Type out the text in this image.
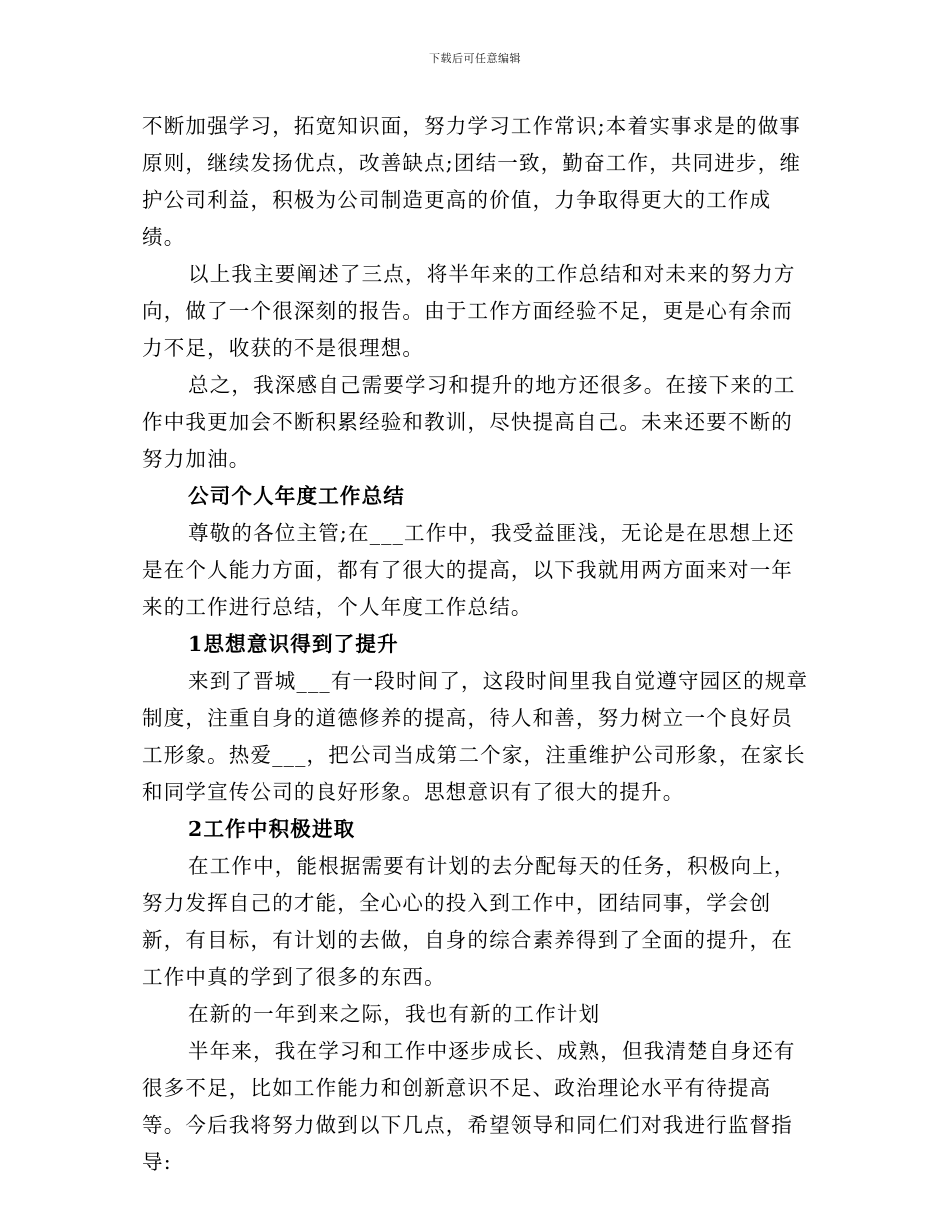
下载后可任意编辑

不断加强学习，拓宽知识面，努力学习工作常识;本着实事求是的做事原则，继续发扬优点，改善缺点;团结一致，勤奋工作，共同进步，维护公司利益，积极为公司制造更高的价值，力争取得更大的工作成绩。

以上我主要阐述了三点，将半年来的工作总结和对未来的努力方向，做了一个很深刻的报告。由于工作方面经验不足，更是心有余而力不足，收获的不是很理想。

总之，我深感自己需要学习和提升的地方还很多。在接下来的工作中我更加会不断积累经验和教训，尽快提高自己。未来还要不断的努力加油。

公司个人年度工作总结

尊敬的各位主管;在___工作中，我受益匪浅，无论是在思想上还是在个人能力方面，都有了很大的提高，以下我就用两方面来对一年来的工作进行总结，个人年度工作总结。

1思想意识得到了提升

来到了晋城___有一段时间了，这段时间里我自觉遵守园区的规章制度，注重自身的道德修养的提高，待人和善，努力树立一个良好员工形象。热爱___，把公司当成第二个家，注重维护公司形象，在家长和同学宣传公司的良好形象。思想意识有了很大的提升。

2工作中积极进取

在工作中，能根据需要有计划的去分配每天的任务，积极向上，努力发挥自己的才能，全心心的投入到工作中，团结同事，学会创新，有目标，有计划的去做，自身的综合素养得到了全面的提升，在工作中真的学到了很多的东西。

在新的一年到来之际，我也有新的工作计划

半年来，我在学习和工作中逐步成长、成熟，但我清楚自身还有很多不足，比如工作能力和创新意识不足、政治理论水平有待提高等。今后我将努力做到以下几点，希望领导和同仁们对我进行监督指导:
